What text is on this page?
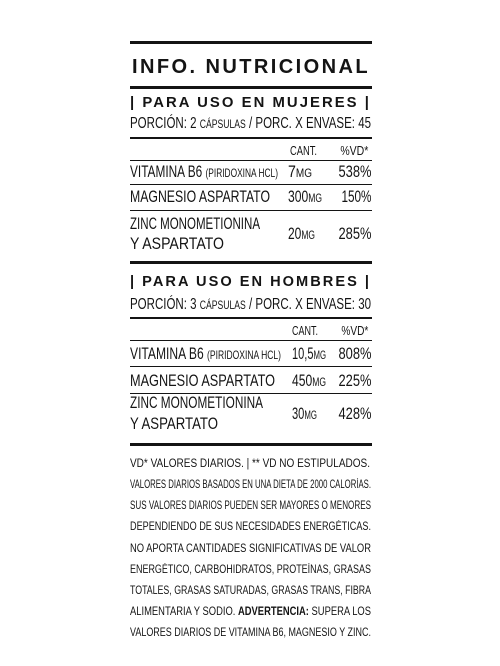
INFO. NUTRICIONAL
| PARA USO EN MUJERES |
PORCIÓN: 2 CÁPSULAS / PORC. X ENVASE: 45
CANT. %VD*
VITAMINA B6 (PIRIDOXINA HCL) 7MG 538%
MAGNESIO ASPARTATO 300MG 150%
ZINC MONOMETIONINA
Y ASPARTATO
20MG 285%
| PARA USO EN HOMBRES |
PORCIÓN: 3 CÁPSULAS / PORC. X ENVASE: 30
CANT. %VD*
VITAMINA B6 (PIRIDOXINA HCL) 10,5MG 808%
MAGNESIO ASPARTATO 450MG 225%
ZINC MONOMETIONINA
Y ASPARTATO
30MG 428%
VD* VALORES DIARIOS. | ** VD NO ESTIPULADOS.
VALORES DIARIOS BASADOS EN UNA DIETA DE 2000 CALORÍAS.
SUS VALORES DIARIOS PUEDEN SER MAYORES O MENORES
DEPENDIENDO DE SUS NECESIDADES ENERGÉTICAS.
NO APORTA CANTIDADES SIGNIFICATIVAS DE VALOR
ENERGÉTICO, CARBOHIDRATOS, PROTEÍNAS, GRASAS
TOTALES, GRASAS SATURADAS, GRASAS TRANS, FIBRA
ALIMENTARIA Y SODIO. ADVERTENCIA: SUPERA LOS
VALORES DIARIOS DE VITAMINA B6, MAGNESIO Y ZINC.
